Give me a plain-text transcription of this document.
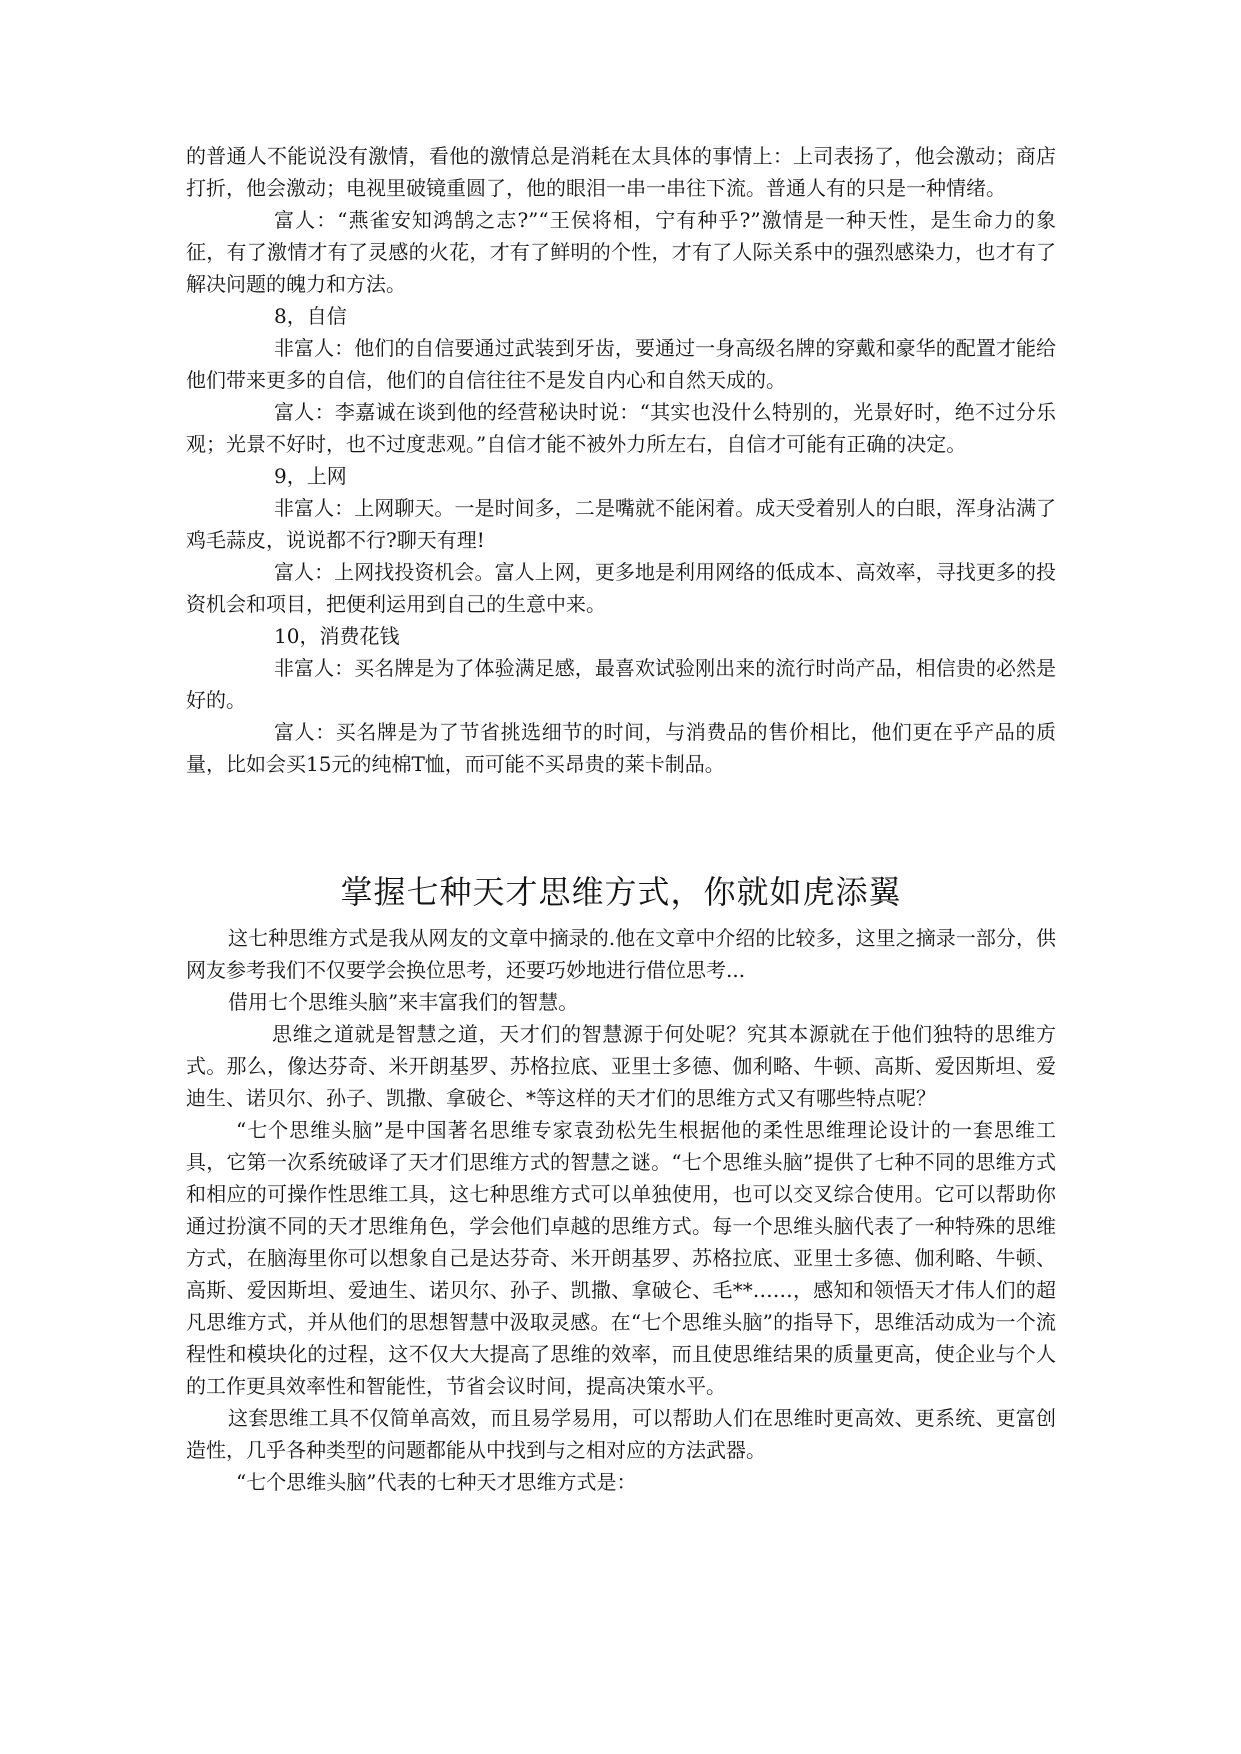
的普通人不能说没有激情，看他的激情总是消耗在太具体的事情上：上司表扬了，他会激动；商店打折，他会激动；电视里破镜重圆了，他的眼泪一串一串往下流。普通人有的只是一种情绪。

富人：“燕雀安知鸿鹄之志?”“王侯将相，宁有种乎?”激情是一种天性，是生命力的象征，有了激情才有了灵感的火花，才有了鲜明的个性，才有了人际关系中的强烈感染力，也才有了解决问题的魄力和方法。

8，自信

非富人：他们的自信要通过武装到牙齿，要通过一身高级名牌的穿戴和豪华的配置才能给他们带来更多的自信，他们的自信往往不是发自内心和自然天成的。

富人：李嘉诚在谈到他的经营秘诀时说：“其实也没什么特别的，光景好时，绝不过分乐观；光景不好时，也不过度悲观。”自信才能不被外力所左右，自信才可能有正确的决定。

9，上网

非富人：上网聊天。一是时间多，二是嘴就不能闲着。成天受着别人的白眼，浑身沾满了鸡毛蒜皮，说说都不行?聊天有理!

富人：上网找投资机会。富人上网，更多地是利用网络的低成本、高效率，寻找更多的投资机会和项目，把便利运用到自己的生意中来。

10，消费花钱

非富人：买名牌是为了体验满足感，最喜欢试验刚出来的流行时尚产品，相信贵的必然是好的。

富人：买名牌是为了节省挑选细节的时间，与消费品的售价相比，他们更在乎产品的质量，比如会买15元的纯棉T恤，而可能不买昂贵的莱卡制品。

掌握七种天才思维方式，你就如虎添翼

这七种思维方式是我从网友的文章中摘录的.他在文章中介绍的比较多，这里之摘录一部分，供网友参考我们不仅要学会换位思考，还要巧妙地进行借位思考...

借用七个思维头脑”来丰富我们的智慧。

思维之道就是智慧之道，天才们的智慧源于何处呢？究其本源就在于他们独特的思维方式。那么，像达芬奇、米开朗基罗、苏格拉底、亚里士多德、伽利略、牛顿、高斯、爱因斯坦、爱迪生、诺贝尔、孙子、凯撒、拿破仑、*等这样的天才们的思维方式又有哪些特点呢？

“七个思维头脑”是中国著名思维专家袁劲松先生根据他的柔性思维理论设计的一套思维工具，它第一次系统破译了天才们思维方式的智慧之谜。“七个思维头脑”提供了七种不同的思维方式和相应的可操作性思维工具，这七种思维方式可以单独使用，也可以交叉综合使用。它可以帮助你通过扮演不同的天才思维角色，学会他们卓越的思维方式。每一个思维头脑代表了一种特殊的思维方式，在脑海里你可以想象自己是达芬奇、米开朗基罗、苏格拉底、亚里士多德、伽利略、牛顿、高斯、爱因斯坦、爱迪生、诺贝尔、孙子、凯撒、拿破仑、毛**……，感知和领悟天才伟人们的超凡思维方式，并从他们的思想智慧中汲取灵感。在“七个思维头脑”的指导下，思维活动成为一个流程性和模块化的过程，这不仅大大提高了思维的效率，而且使思维结果的质量更高，使企业与个人的工作更具效率性和智能性，节省会议时间，提高决策水平。

这套思维工具不仅简单高效，而且易学易用，可以帮助人们在思维时更高效、更系统、更富创造性，几乎各种类型的问题都能从中找到与之相对应的方法武器。

“七个思维头脑”代表的七种天才思维方式是：
